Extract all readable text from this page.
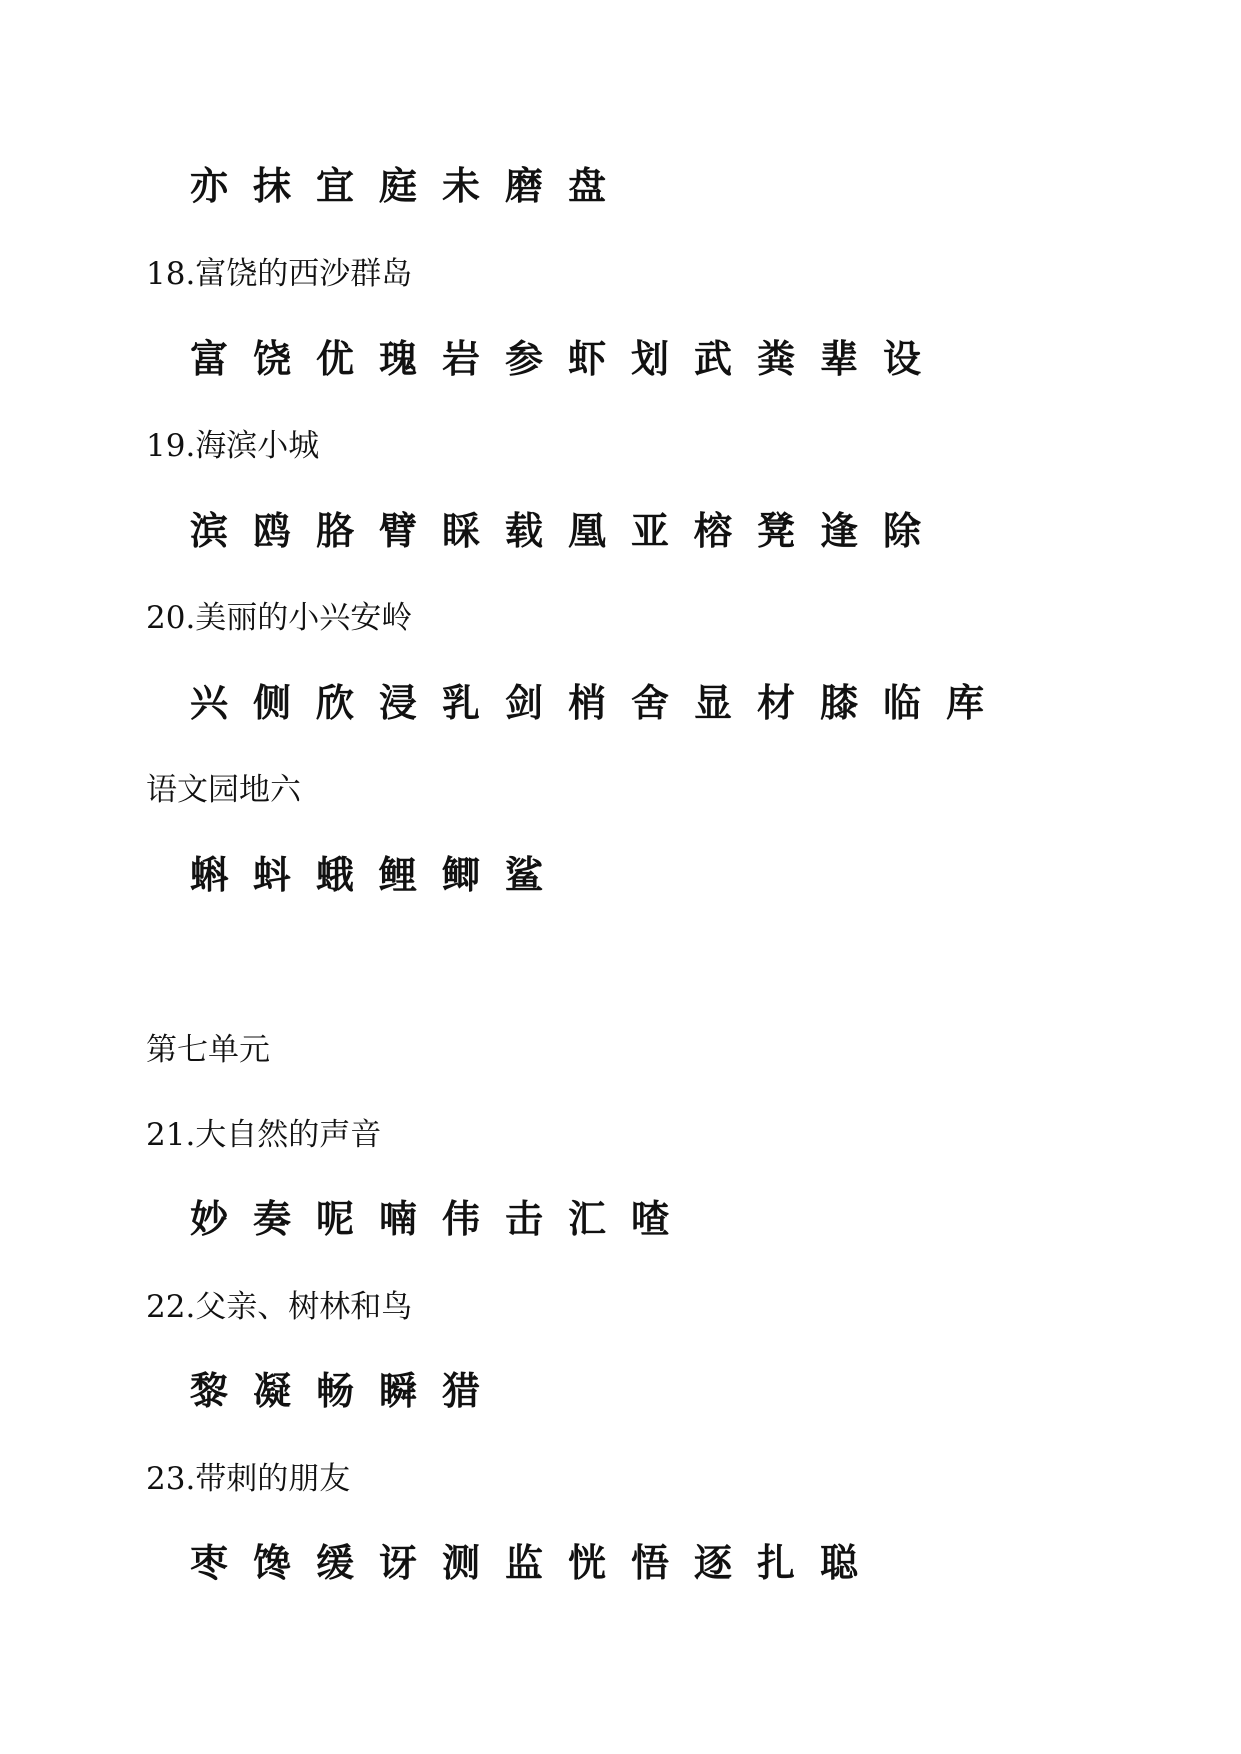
亦 抹 宜 庭 未 磨 盘
18.富饶的西沙群岛
富 饶 优 瑰 岩 参 虾 划 武 粪 辈 设
19.海滨小城
滨 鸥 胳 臂 睬 载 凰 亚 榕 凳 逢 除
20.美丽的小兴安岭
兴 侧 欣 浸 乳 剑 梢 舍 显 材 膝 临 库
语文园地六
蝌 蚪 蛾 鲤 鲫 鲨
第七单元
21.大自然的声音
妙 奏 呢 喃 伟 击 汇 喳
22.父亲、树林和鸟
黎 凝 畅 瞬 猎
23.带刺的朋友
枣 馋 缓 讶 测 监 恍 悟 逐 扎 聪
